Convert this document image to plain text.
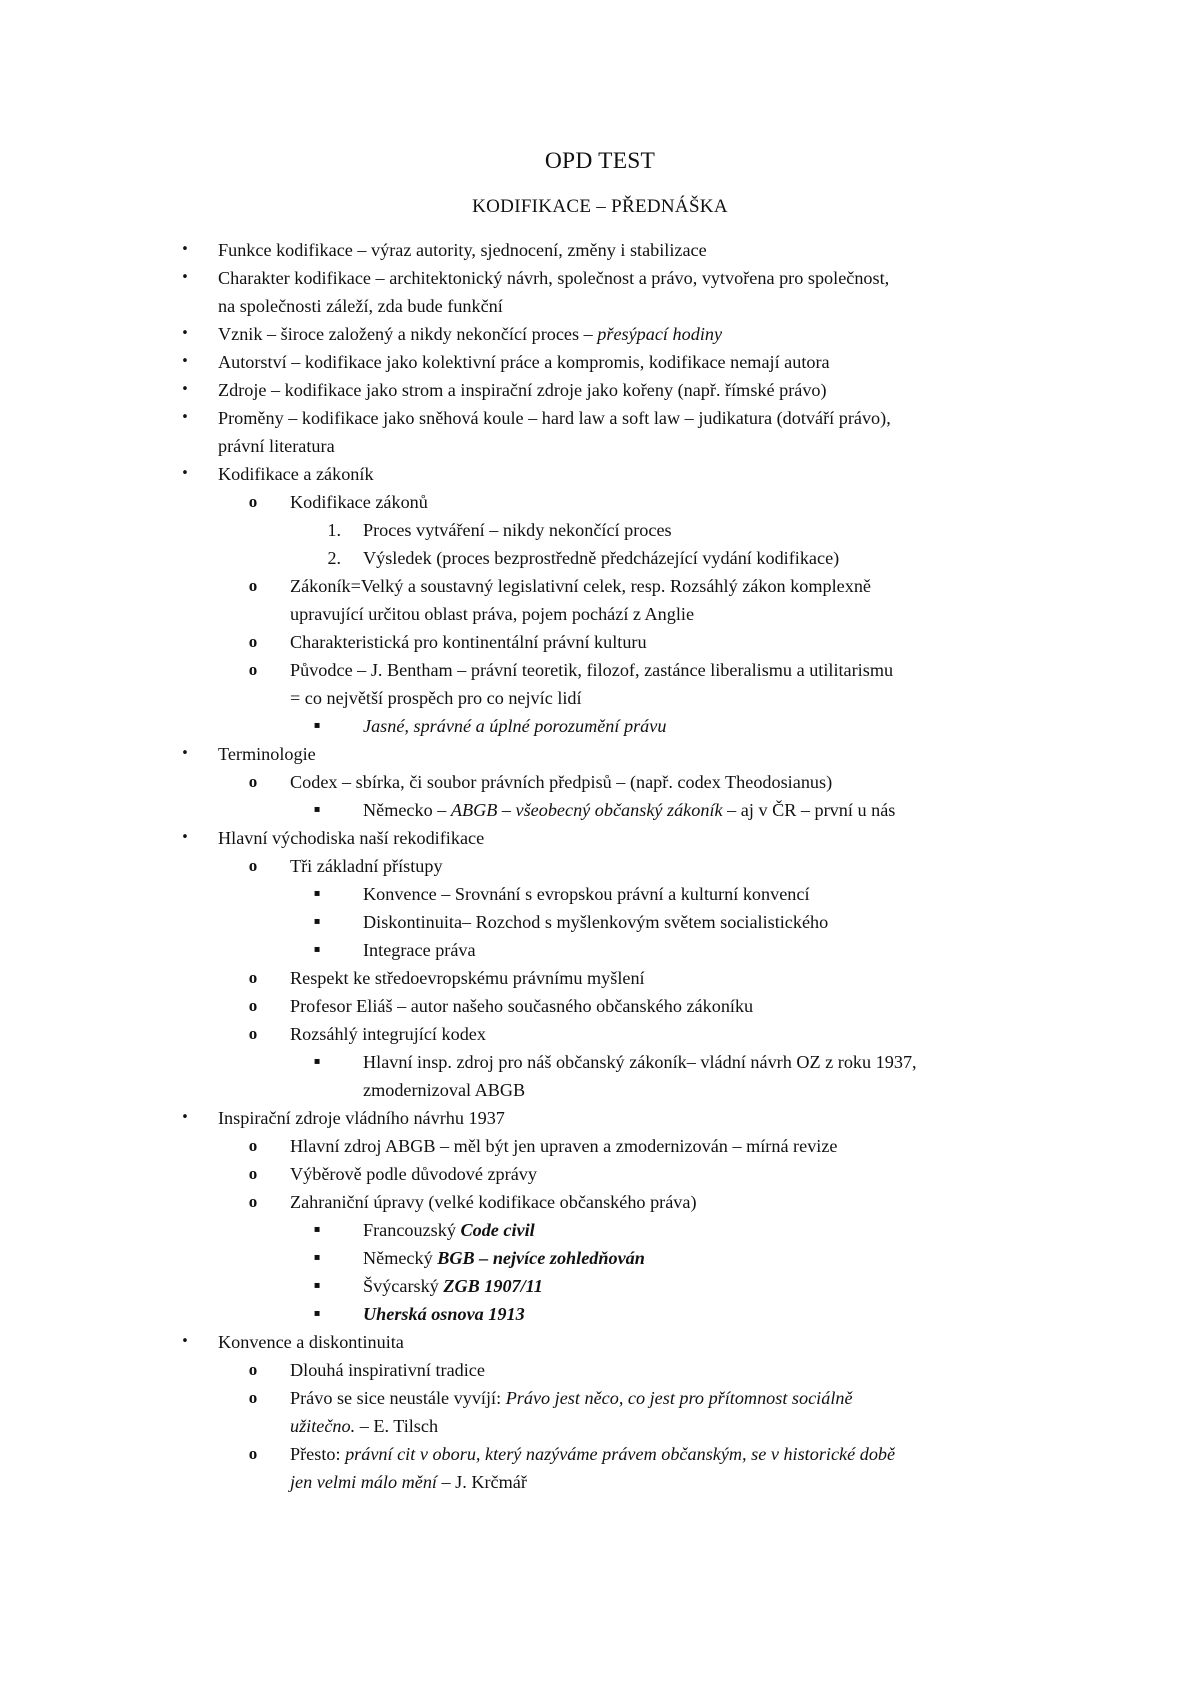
OPD TEST
KODIFIKACE – PŘEDNÁŠKA
•	Funkce kodifikace – výraz autority, sjednocení, změny i stabilizace
•	Charakter kodifikace – architektonický návrh, společnost a právo, vytvořena pro společnost,
na společnosti záleží, zda bude funkční
•	Vznik – široce založený a nikdy nekončící proces – přesýpací hodiny
•	Autorství – kodifikace jako kolektivní práce a kompromis, kodifikace nemají autora
•	Zdroje – kodifikace jako strom a inspirační zdroje jako kořeny (např. římské právo)
•	Proměny – kodifikace jako sněhová koule – hard law a soft law – judikatura (dotváří právo),
právní literatura
•	Kodifikace a zákoník
o	Kodifikace zákonů
1. Proces vytváření – nikdy nekončící proces
2. Výsledek (proces bezprostředně předcházející vydání kodifikace)
o	Zákoník=Velký a soustavný legislativní celek, resp. Rozsáhlý zákon komplexně
upravující určitou oblast práva, pojem pochází z Anglie
o	Charakteristická pro kontinentální právní kulturu
o	Původce – J. Bentham – právní teoretik, filozof, zastánce liberalismu a utilitarismu
= co největší prospěch pro co nejvíc lidí
▪	Jasné, správné a úplné porozumění právu
•	Terminologie
o	Codex – sbírka, či soubor právních předpisů – (např. codex Theodosianus)
▪	Německo – ABGB – všeobecný občanský zákoník – aj v ČR – první u nás
•	Hlavní východiska naší rekodifikace
o	Tři základní přístupy
▪	Konvence – Srovnání s evropskou právní a kulturní konvencí
▪	Diskontinuita– Rozchod s myšlenkovým světem socialistického
▪	Integrace práva
o	Respekt ke středoevropskému právnímu myšlení
o	Profesor Eliáš – autor našeho současného občanského zákoníku
o	Rozsáhlý integrující kodex
▪	Hlavní insp. zdroj pro náš občanský zákoník– vládní návrh OZ z roku 1937,
zmodernizoval ABGB
•	Inspirační zdroje vládního návrhu 1937
o	Hlavní zdroj ABGB – měl být jen upraven a zmodernizován – mírná revize
o	Výběrově podle důvodové zprávy
o	Zahraniční úpravy (velké kodifikace občanského práva)
▪	Francouzský Code civil
▪	Německý BGB – nejvíce zohledňován
▪	Švýcarský ZGB 1907/11
▪	Uherská osnova 1913
•	Konvence a diskontinuita
o	Dlouhá inspirativní tradice
o	Právo se sice neustále vyvíjí: Právo jest něco, co jest pro přítomnost sociálně
užitečno. – E. Tilsch
o	Přesto: právní cit v oboru, který nazýváme právem občanským, se v historické době
jen velmi málo mění – J. Krčmář
